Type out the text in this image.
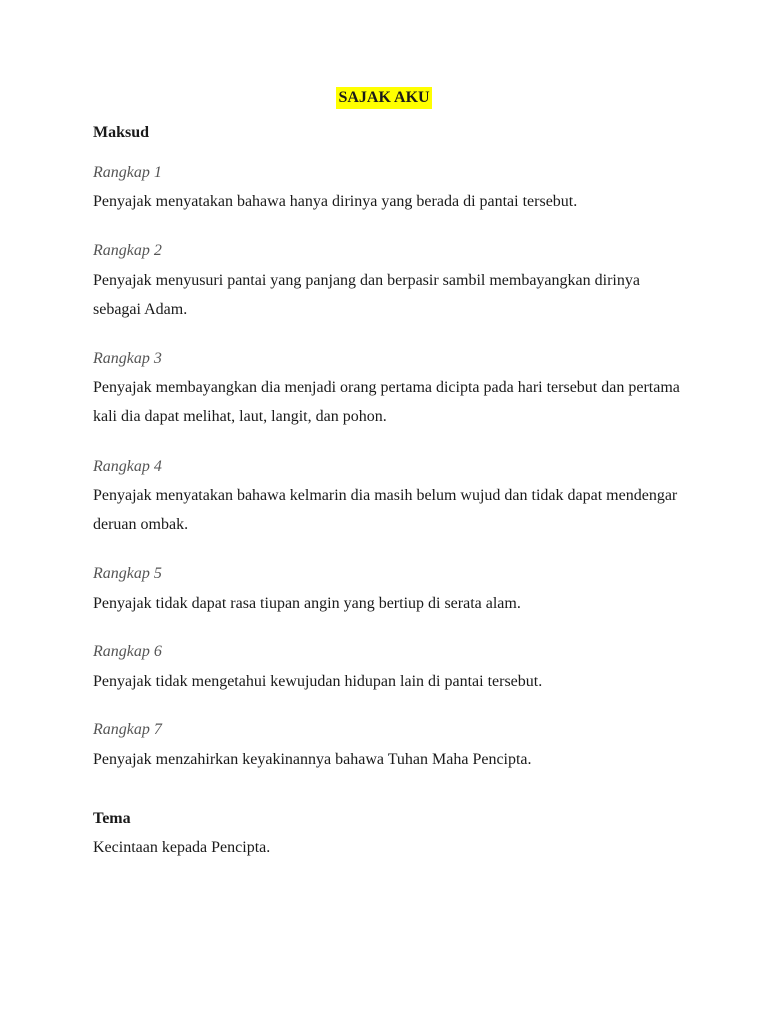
SAJAK AKU
Maksud
Rangkap 1
Penyajak menyatakan bahawa hanya dirinya yang berada di pantai tersebut.
Rangkap 2
Penyajak menyusuri pantai yang panjang dan berpasir sambil membayangkan dirinya sebagai Adam.
Rangkap 3
Penyajak membayangkan dia menjadi orang pertama dicipta pada hari tersebut dan pertama kali dia dapat melihat, laut, langit, dan pohon.
Rangkap 4
Penyajak menyatakan bahawa kelmarin dia masih belum wujud dan tidak dapat mendengar deruan ombak.
Rangkap 5
Penyajak tidak dapat rasa tiupan angin yang bertiup di serata alam.
Rangkap 6
Penyajak tidak mengetahui kewujudan hidupan lain di pantai tersebut.
Rangkap 7
Penyajak menzahirkan keyakinannya bahawa Tuhan Maha Pencipta.
Tema
Kecintaan kepada Pencipta.
